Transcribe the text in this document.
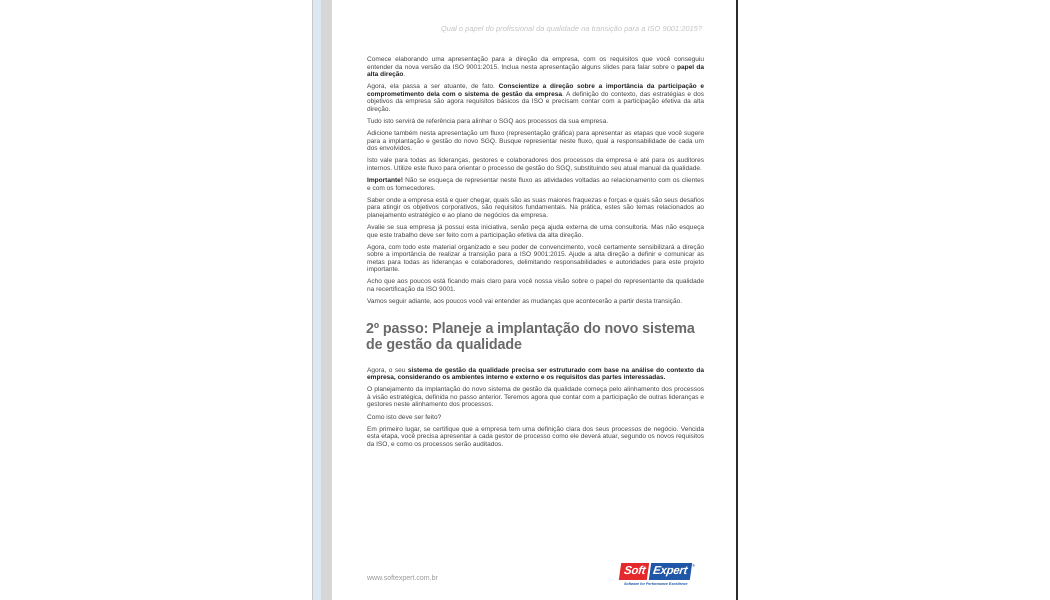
Qual o papel do profissional da qualidade na transição para a ISO 9001:2015?

Comece elaborando uma apresentação para a direção da empresa, com os requisitos que você conseguiu entender da nova versão da ISO 9001:2015. Inclua nesta apresentação alguns slides para falar sobre o papel da alta direção.

Agora, ela passa a ser atuante, de fato. Conscientize a direção sobre a importância da participação e comprometimento dela com o sistema de gestão da empresa. A definição do contexto, das estratégias e dos objetivos da empresa são agora requisitos básicos da ISO e precisam contar com a participação efetiva da alta direção.

Tudo isto servirá de referência para alinhar o SGQ aos processos da sua empresa.

Adicione também nesta apresentação um fluxo (representação gráfica) para apresentar as etapas que você sugere para a implantação e gestão do novo SGQ. Busque representar neste fluxo, qual a responsabilidade de cada um dos envolvidos.

Isto vale para todas as lideranças, gestores e colaboradores dos processos da empresa e até para os auditores internos. Utilize este fluxo para orientar o processo de gestão do SGQ, substituindo seu atual manual da qualidade.

Importante! Não se esqueça de representar neste fluxo as atividades voltadas ao relacionamento com os clientes e com os fornecedores.

Saber onde a empresa está e quer chegar, quais são as suas maiores fraquezas e forças e quais são seus desafios para atingir os objetivos corporativos, são requisitos fundamentais. Na prática, estes são temas relacionados ao planejamento estratégico e ao plano de negócios da empresa.

Avalie se sua empresa já possui esta iniciativa, senão peça ajuda externa de uma consultoria. Mas não esqueça que este trabalho deve ser feito com a participação efetiva da alta direção.

Agora, com todo este material organizado e seu poder de convencimento, você certamente sensibilizará a direção sobre a importância de realizar a transição para a ISO 9001:2015. Ajude a alta direção a definir e comunicar as metas para todas as lideranças e colaboradores, delimitando responsabilidades e autoridades para este projeto importante.

Acho que aos poucos está ficando mais claro para você nossa visão sobre o papel do representante da qualidade na recertificação da ISO 9001.

Vamos seguir adiante, aos poucos você vai entender as mudanças que acontecerão a partir desta transição.

2º passo: Planeje a implantação do novo sistema de gestão da qualidade

Agora, o seu sistema de gestão da qualidade precisa ser estruturado com base na análise do contexto da empresa, considerando os ambientes interno e externo e os requisitos das partes interessadas.

O planejamento da implantação do novo sistema de gestão da qualidade começa pelo alinhamento dos processos à visão estratégica, definida no passo anterior. Teremos agora que contar com a participação de outras lideranças e gestores neste alinhamento dos processos.

Como isto deve ser feito?

Em primeiro lugar, se certifique que a empresa tem uma definição clara dos seus processos de negócio. Vencida esta etapa, você precisa apresentar a cada gestor de processo como ele deverá atuar, segundo os novos requisitos da ISO, e como os processos serão auditados.

www.softexpert.com.br
Soft Expert	®
Software for Performance Excellence
